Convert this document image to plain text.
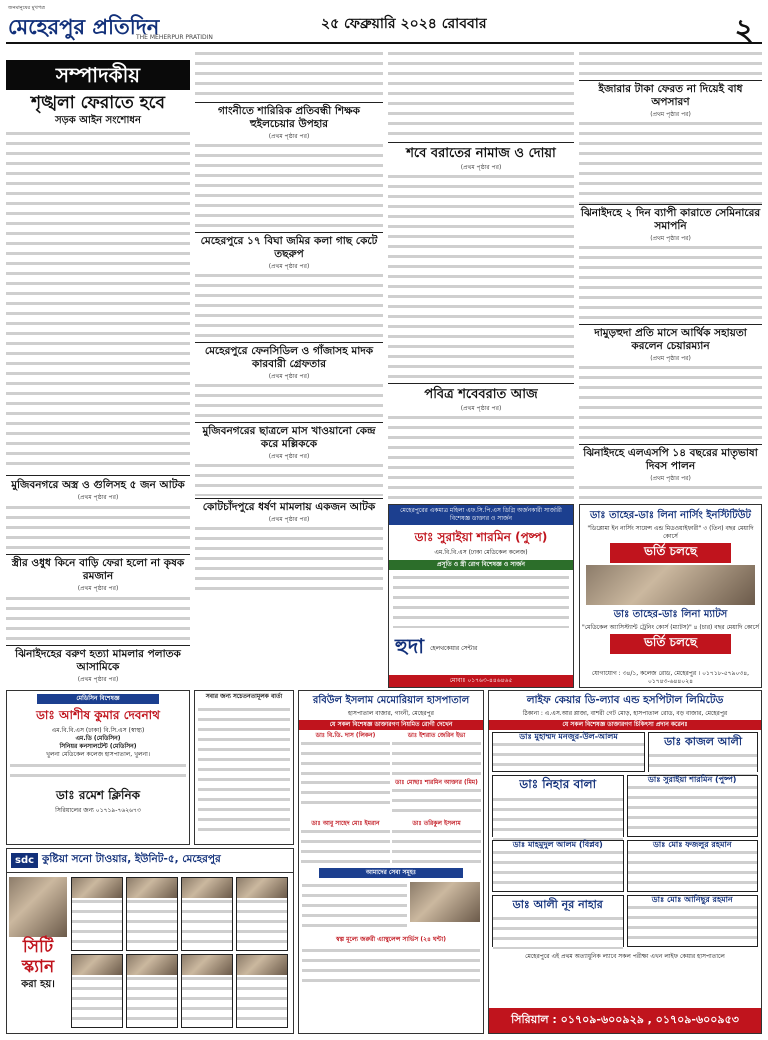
জনমানুষের মুখপত্র
মেহেরপুর প্রতিদিন
THE MEHERPUR PRATIDIN
২৫ ফেব্রুয়ারি ২০২৪ রোববার	২
সম্পাদকীয়
শৃঙ্খলা ফেরাতে হবে
সড়ক আইন সংশোধন
মুজিবনগরে অস্ত্র ও গুলিসহ ৫ জন আটক
(প্রথম পৃষ্ঠার পর)
স্ত্রীর ওধুধ কিনে বাড়ি ফেরা হলো না কৃষক রমজান
(প্রথম পৃষ্ঠার পর)
ঝিনাইদহের বরুণ হত্যা মামলার পলাতক আসামিকে
(প্রথম পৃষ্ঠার পর)
গাংনীতে শারিরিক প্রতিবন্ধী শিক্ষক হুইলচেয়ার উপহার
(প্রথম পৃষ্ঠার পর)
মেহেরপুরে ১৭ বিঘা জমির কলা গাছ কেটে তছরুপ
(প্রথম পৃষ্ঠার পর)
মেহেরপুরে ফেনসিডিল ও গাঁজাসহ মাদক কারবারী গ্রেফতার
(প্রথম পৃষ্ঠার পর)
মুজিবনগরের ছাত্রলে মাস খাওয়ানো কেন্দ্র করে মল্লিককে
(প্রথম পৃষ্ঠার পর)
কোটচাঁদপুরে ধর্ষণ মামলায় একজন আটক
(প্রথম পৃষ্ঠার পর)
শবে বরাতের নামাজ ও দোয়া
(প্রথম পৃষ্ঠার পর)
পবিত্র শবেবরাত আজ
(প্রথম পৃষ্ঠার পর)
ইজারার টাকা ফেরত না দিয়েই বাধ অপসারণ
(প্রথম পৃষ্ঠার পর)
ঝিনাইদহে ২ দিন ব্যাপী কারাতে সেমিনারের সমাপনি
(প্রথম পৃষ্ঠার পর)
দামুড়হুদা প্রতি মাসে আর্থিক সহায়তা করলেন চেয়ারম্যান
(প্রথম পৃষ্ঠার পর)
ঝিনাইদহে এলএসপি ১৪ বছরের মাতৃভাষা দিবস পালন
(প্রথম পৃষ্ঠার পর)
মেহেরপুরের একমাত্র মহিলা এফ.সি.পি.এস ডিগ্রি অর্জনকারী সার্জারী বিশেষজ্ঞ ডাক্তার ও সার্জন
ডাঃ সুরাইয়া শারমিন (পুষ্প)
এম.বি.বি.এস (ঢাকা মেডিকেল কলেজ)
প্রসূতি ও স্ত্রী রোগ বিশেষজ্ঞ ও সার্জন
হুদা হেলথকেয়ার সেন্টার
মোবাঃ ০১৭৬৩-৪৪৬৪৬৫
ডাঃ তাহের-ডাঃ লিনা নার্সিং ইনস্টিটিউট
"ডিপ্লোমা ইন নার্সিং সায়েন্স এন্ড মিডওয়াইফারী" ৩ (তিন) বছর মেয়াদি কোর্সে
ভর্তি চলছে
ডাঃ তাহের-ডাঃ লিনা ম্যাটস
"মেডিকেল অ্যাসিস্ট্যান্ট ট্রেনিং কোর্স (ম্যাটস)" ৪ (চার) বছর মেয়াদি কোর্সে
ভর্তি চলছে
যোগাযোগ : ৩৪/১, কলেজ রোড, মেহেরপুর । ০১৭১৮-৫৭৯০৩৪, ০১৭৪৩-৬৪৪০২৪
মেডিসিন বিশেষজ্ঞ
ডাঃ আশীষ কুমার দেবনাথ
এম.বি.বি.এস (ঢাকা) বি.সি.এস (স্বাস্থ্য)
এম.ডি (মেডিসিন)
সিনিয়র কনসালটেন্ট (মেডিসিন)
খুলনা মেডিকেল কলেজ হাসপাতাল, খুলনা।
ডাঃ রমেশ ক্লিনিক
সিরিয়ালের জন্য ০১৭১৯-৭৬২৬৭৩
সবার জন্য সচেতনতামূলক বার্তা
sdc কুষ্টিয়া সনো টাওয়ার, ইউনিট-৫, মেহেরপুর
সিটি স্ক্যান
করা হয়।
রবিউল ইসলাম মেমোরিয়াল হাসপাতাল
হাসপাতাল বাজার, গাংনী, মেহেরপুর
যে সকল বিশেষজ্ঞ ডাক্তারগণ নিয়মিত রোগী দেখেন
ডাঃ বি.ডি. দাস (লিকন)	ডাঃ ইশরাত জেরিন ইভা
ডাঃ মোছাঃ শারমিন আক্তার (মিম)
ডাঃ আবু সাহেদ মোঃ ইমরান	ডাঃ তরিকুল ইসলাম
আমাদের সেবা সমূহঃ
স্বল্প মূল্যে জরুরী এ্যাম্বুলেন্স সার্ভিস (২৪ ঘন্টা)
লাইফ কেয়ার ডি-ল্যাব এন্ড হসপিটাল লিমিটেড
ঠিকানা : এ.এস.আর প্লাজা, বাশরী গেট মোড়, হাসপাতাল রোড, বড় বাজার, মেহেরপুর
যে সকল বিশেষজ্ঞ ডাক্তারগণ চিকিৎসা প্রদান করেনঃ
ডাঃ মুহাম্মদ মনজুর-উল-আলম	ডাঃ কাজল আলী
ডাঃ নিহার বালা	ডাঃ সুরাইয়া শারমিন (পুষ্প)
ডাঃ মাহমুদুল আলম (বিপ্লব)	ডাঃ মোঃ ফজলুর রহমান
ডাঃ আলী নূর নাহার	ডাঃ মোঃ আনিছুর রহমান
মেহেরপুরে এই প্রথম অত্যাধুনিক ল্যাবে সকল পরীক্ষা এখন লাইফ কেয়ার হাসপাতালে
সিরিয়াল : ০১৭০৯-৬০০৯২৯ , ০১৭০৯-৬০০৯৫৩
